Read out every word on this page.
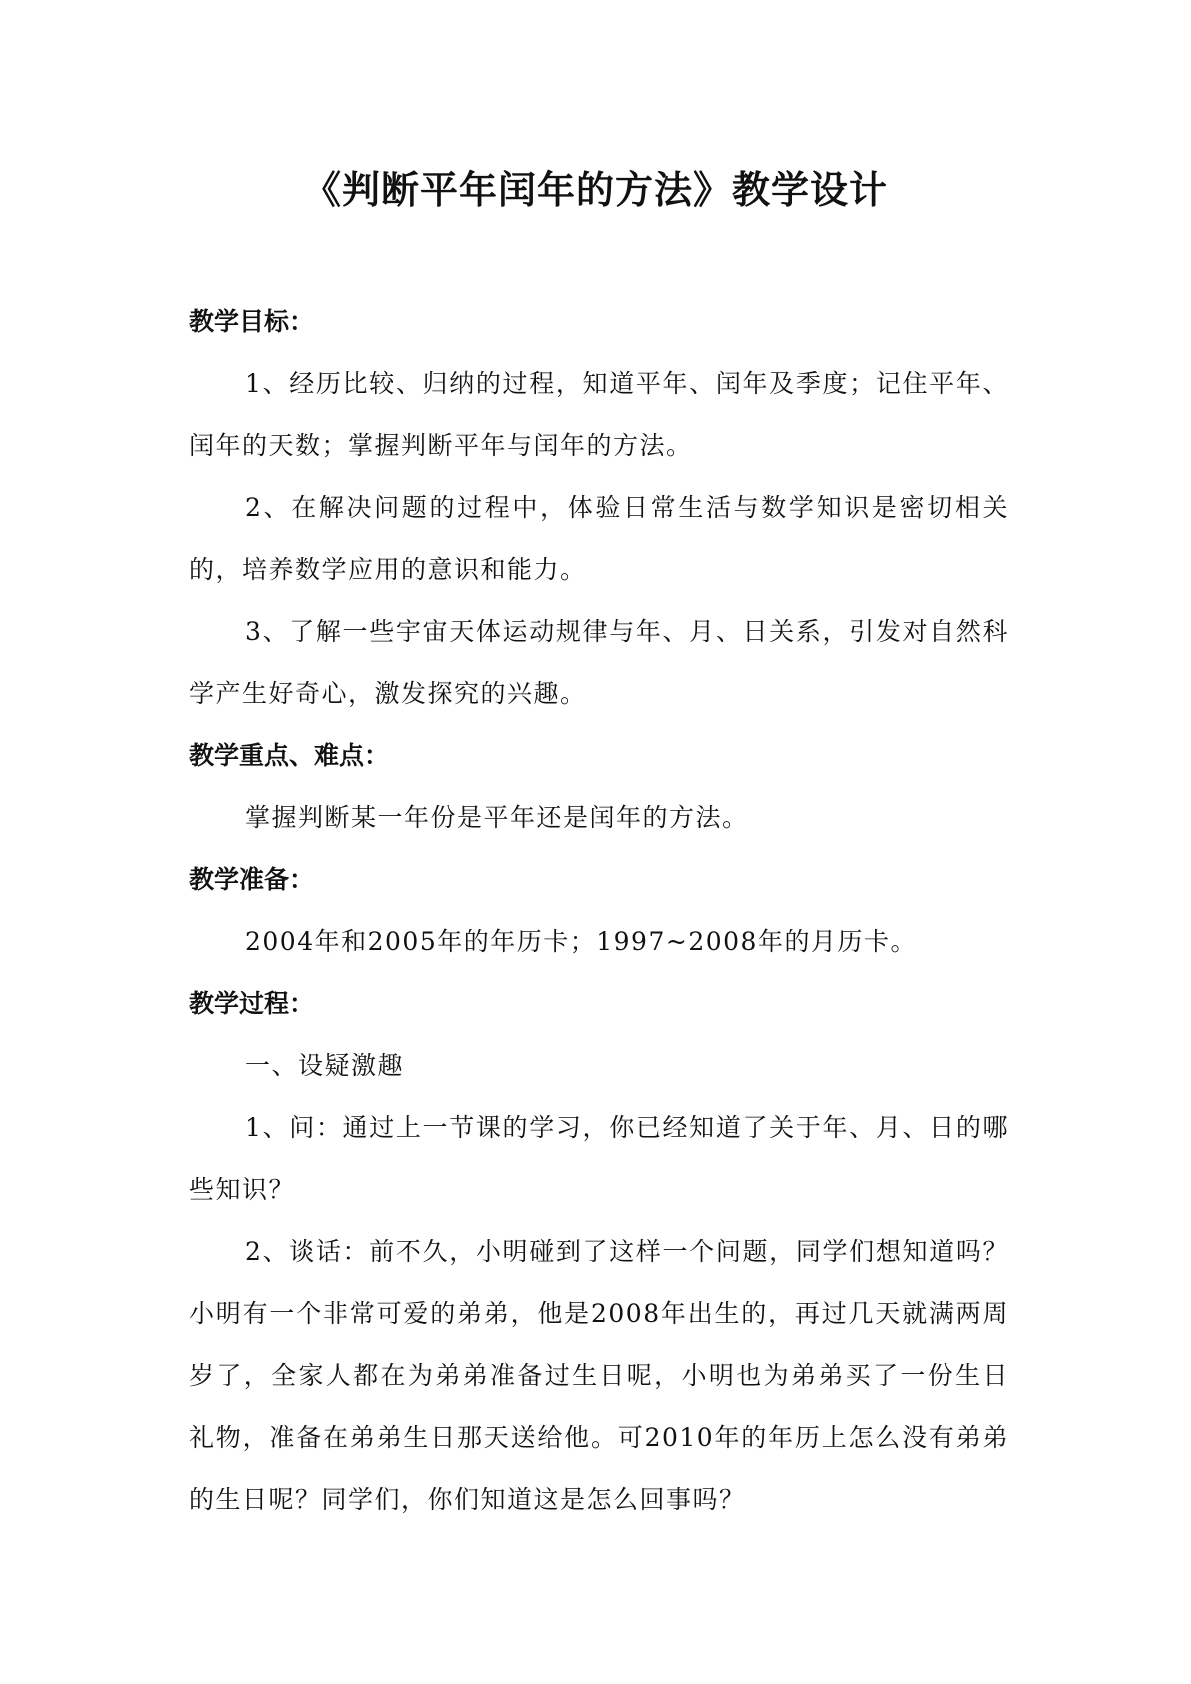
《判断平年闰年的方法》教学设计

教学目标：

1、经历比较、归纳的过程，知道平年、闰年及季度；记住平年、闰年的天数；掌握判断平年与闰年的方法。

2、在解决问题的过程中，体验日常生活与数学知识是密切相关的，培养数学应用的意识和能力。

3、了解一些宇宙天体运动规律与年、月、日关系，引发对自然科学产生好奇心，激发探究的兴趣。

教学重点、难点：

掌握判断某一年份是平年还是闰年的方法。

教学准备：

2004年和2005年的年历卡；1997~2008年的月历卡。

教学过程：

一、设疑激趣

1、问：通过上一节课的学习，你已经知道了关于年、月、日的哪些知识？

2、谈话：前不久，小明碰到了这样一个问题，同学们想知道吗？小明有一个非常可爱的弟弟，他是2008年出生的，再过几天就满两周岁了，全家人都在为弟弟准备过生日呢，小明也为弟弟买了一份生日礼物，准备在弟弟生日那天送给他。可2010年的年历上怎么没有弟弟的生日呢？同学们，你们知道这是怎么回事吗？
